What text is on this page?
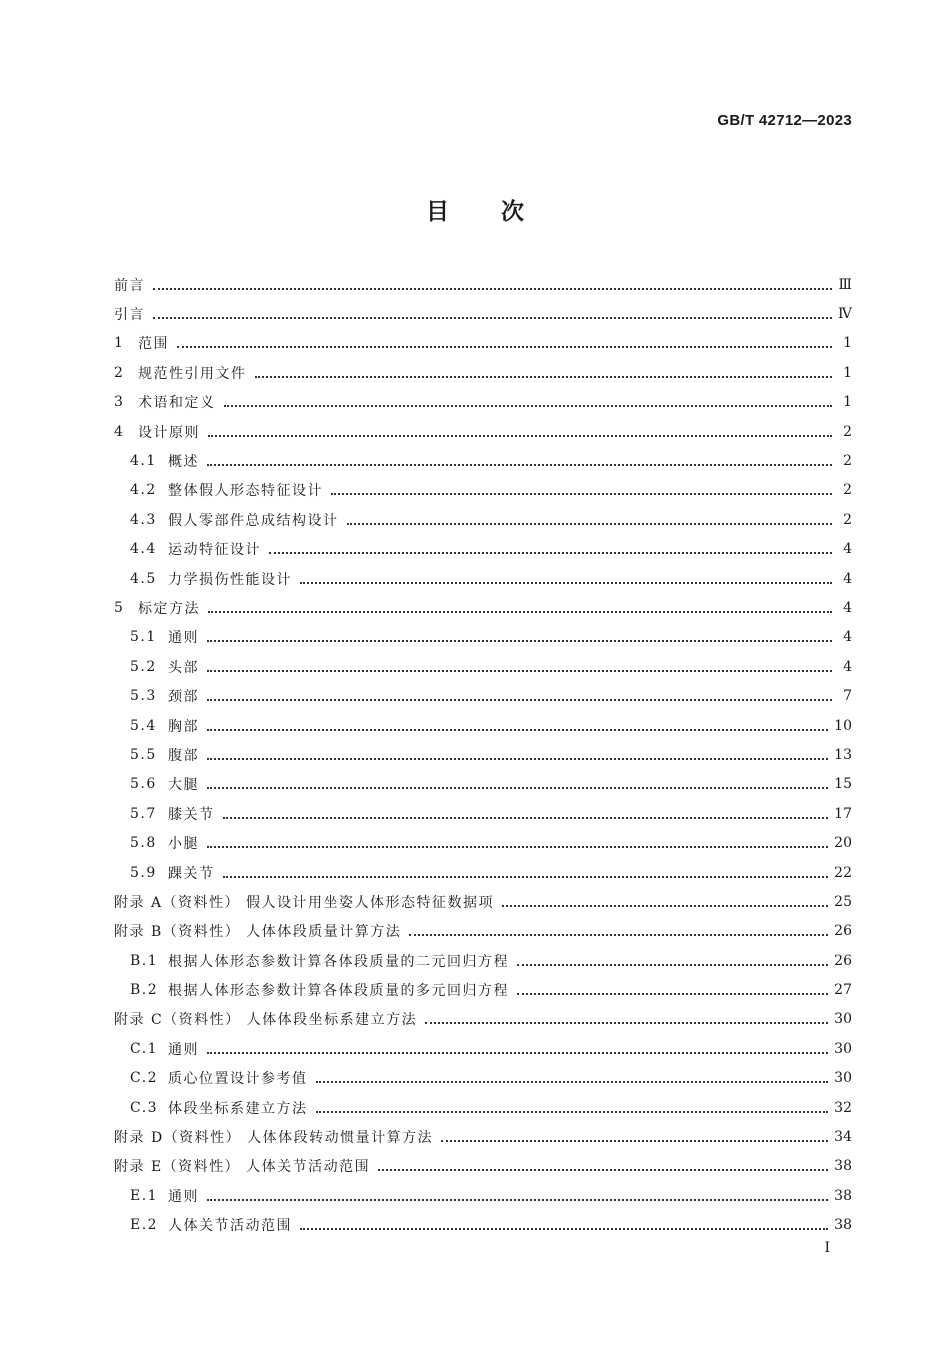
GB/T 42712—2023
目次
前言	Ⅲ
引言	Ⅳ
1 范围	1
2 规范性引用文件	1
3 术语和定义	1
4 设计原则	2
4.1 概述	2
4.2 整体假人形态特征设计	2
4.3 假人零部件总成结构设计	2
4.4 运动特征设计	4
4.5 力学损伤性能设计	4
5 标定方法	4
5.1 通则	4
5.2 头部	4
5.3 颈部	7
5.4 胸部	10
5.5 腹部	13
5.6 大腿	15
5.7 膝关节	17
5.8 小腿	20
5.9 踝关节	22
附录 A（资料性） 假人设计用坐姿人体形态特征数据项	25
附录 B（资料性） 人体体段质量计算方法	26
B.1 根据人体形态参数计算各体段质量的二元回归方程	26
B.2 根据人体形态参数计算各体段质量的多元回归方程	27
附录 C（资料性） 人体体段坐标系建立方法	30
C.1 通则	30
C.2 质心位置设计参考值	30
C.3 体段坐标系建立方法	32
附录 D（资料性） 人体体段转动惯量计算方法	34
附录 E（资料性） 人体关节活动范围	38
E.1 通则	38
E.2 人体关节活动范围	38
I
